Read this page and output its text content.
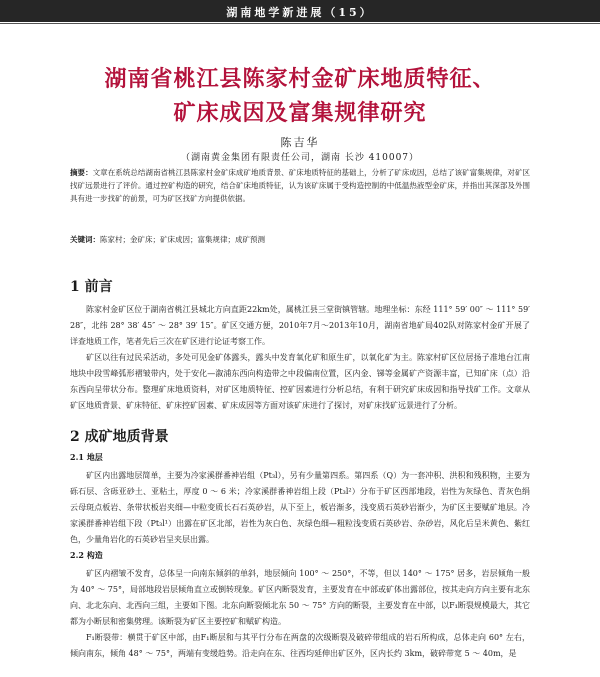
湖南地学新进展（15）
湖南省桃江县陈家村金矿床地质特征、
矿床成因及富集规律研究
陈吉华
（湖南黄金集团有限责任公司，湖南 长沙 410007）
摘要：文章在系统总结湖南省桃江县陈家村金矿床成矿地质背景、矿床地质特征的基础上，分析了矿床成因，总结了该矿富集规律，对矿区找矿远景进行了评价。通过控矿构造的研究，结合矿床地质特征，认为该矿床属于受构造控制的中低温热液型金矿床，并指出其深部及外围具有进一步找矿的前景，可为矿区找矿方向提供依据。
关键词：陈家村；金矿床；矿床成因；富集规律；成矿预测
1 前言
陈家村金矿区位于湖南省桃江县城北方向直距22km处，属桃江县三堂街镇管辖。地理坐标：东经 111° 59′ 00″ ～ 111° 59′ 28″，北纬 28° 38′ 45″ ～ 28° 39′ 15″。矿区交通方便，2010年7月～2013年10月，湖南省地矿局402队对陈家村金矿开展了详查地质工作，笔者先后三次在矿区进行论证考察工作。
矿区以往有过民采活动，多处可见金矿体露头，露头中发育氧化矿和原生矿，以氧化矿为主。陈家村矿区位居扬子准地台江南地块中段雪峰弧形褶皱带内，处于安化—溆浦东西向构造带之中段偏南位置，区内金、锑等金属矿产资源丰富，已知矿床（点）沿东西向呈带状分布。整理矿床地质资料，对矿区地质特征、控矿因素进行分析总结，有利于研究矿床成因和指导找矿工作。文章从矿区地质背景、矿床特征、矿床控矿因素、矿床成因等方面对该矿床进行了探讨，对矿床找矿远景进行了分析。
2 成矿地质背景
2.1 地层
矿区内出露地层简单，主要为冷家溪群番神岩组（Pt₃l），另有少量第四系。第四系（Q）为一套冲积、洪积和残积物，主要为砾石层、含砾亚砂土、亚粘土，厚度 0 ～ 6 米；冷家溪群番神岩组上段（Pt₃l²）分布于矿区西部地段，岩性为灰绿色、青灰色绢云母斑点板岩、条带状板岩夹细—中粒变质长石石英砂岩，从下至上，板岩渐多，浅变质石英砂岩渐少，为矿区主要赋矿地层。冷家溪群番神岩组下段（Pt₃l¹）出露在矿区北部，岩性为灰白色、灰绿色细—粗粒浅变质石英砂岩、杂砂岩，风化后呈米黄色、紫红色，少量角岩化的石英砂岩呈夹层出露。
2.2 构造
矿区内褶皱不发育，总体呈一向南东倾斜的单斜，地层倾向 100° ～ 250°，不等，但以 140° ～ 175° 居多，岩层倾角一般为 40° ～ 75°，局部地段岩层倾角直立或倒转现象。矿区内断裂发育，主要发育在中部或矿体出露部位，按其走向方向主要有北东向、北北东向、北西向三组，主要如下图。北东向断裂倾北东 50 ～ 75° 方向的断裂，主要发育在中部，以F₁断裂规模最大，其它都为小断层和密集劈理。该断裂为矿区主要控矿和赋矿构造。
F₁断裂带：横贯于矿区中部，由F₁断层和与其平行分布在两盘的次级断裂及破碎带组成的岩石所构成，总体走向 60° 左右，倾向南东，倾角 48° ～ 75°，两端有变缓趋势。沿走向在东、往西均延伸出矿区外，区内长约 3km，破碎带宽 5 ～ 40m，是
